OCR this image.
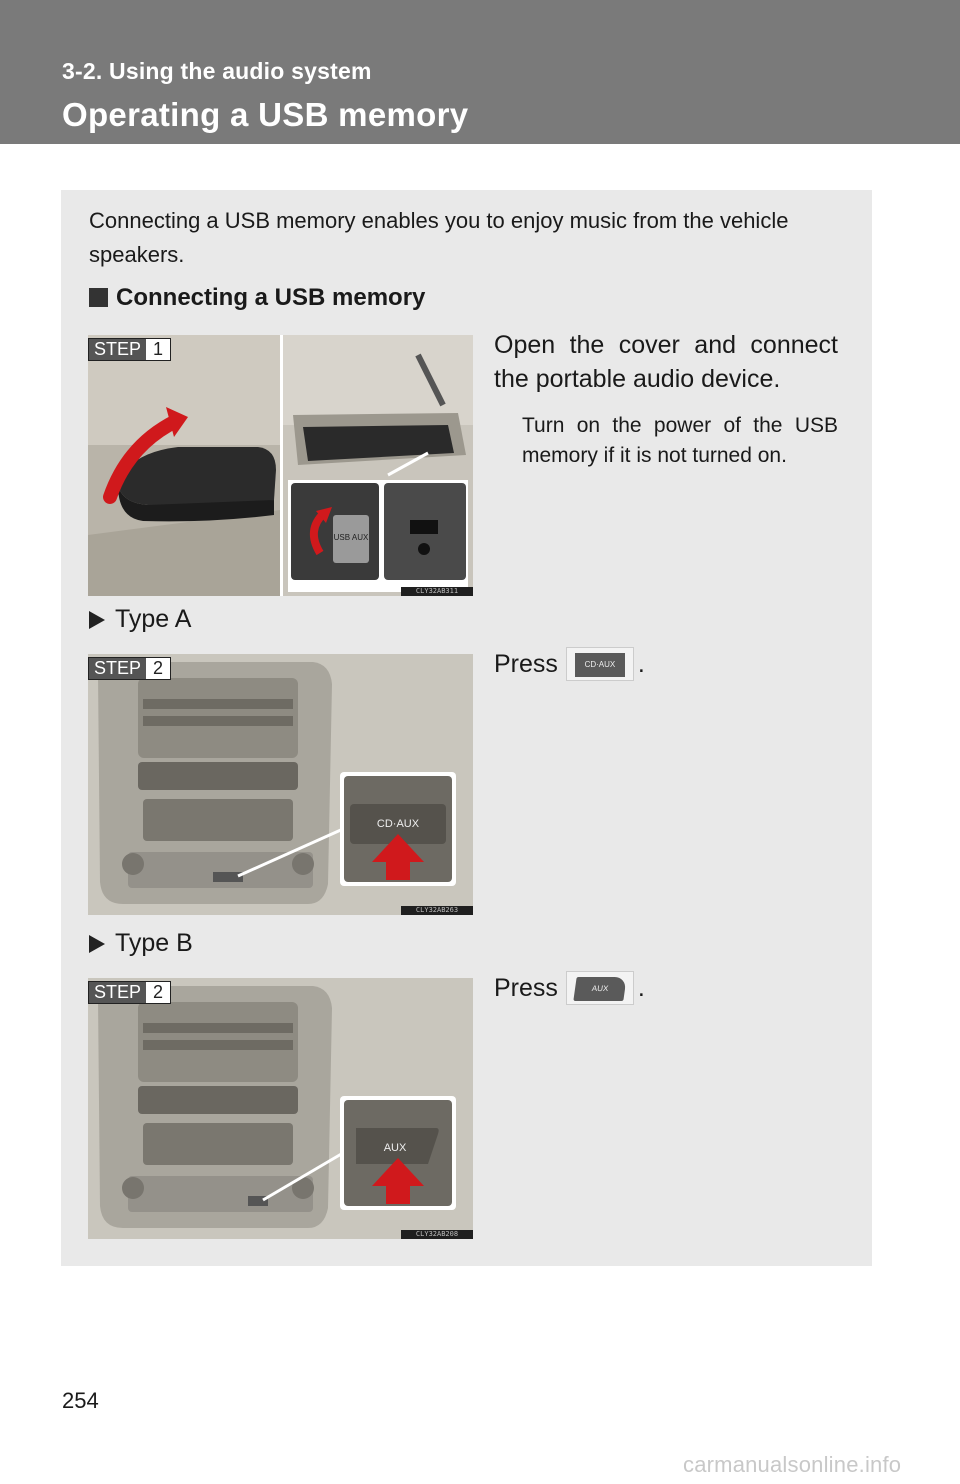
3-2. Using the audio system
Operating a USB memory

Connecting a USB memory enables you to enjoy music from the vehicle speakers.

Connecting a USB memory
USB AUX
STEP 1
CLY32AB311

Open the cover and connect the portable audio device.

Turn on the power of the USB memory if it is not turned on.

Type A
CD·AUX
STEP 2
CLY32AB263
Press	CD·AUX .
Type B
AUX
STEP 2
CLY32AB208
Press	AUX	.
254
carmanualsonline.info
